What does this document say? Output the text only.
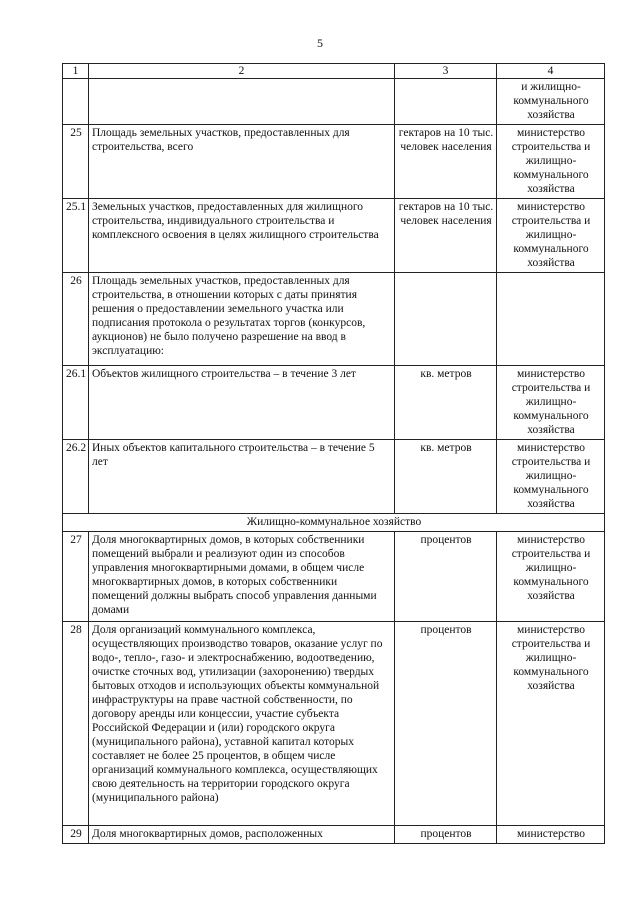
5
1	2	3	4
			и жилищно-коммунального хозяйства
25	Площадь земельных участков, предоставленных для строительства, всего	гектаров на 10 тыс. человек населения	министерство строительства и жилищно-коммунального хозяйства
25.1	Земельных участков, предоставленных для жилищного строительства, индивидуального строительства и комплексного освоения в целях жилищного строительства	гектаров на 10 тыс. человек населения	министерство строительства и жилищно-коммунального хозяйства
26	Площадь земельных участков, предоставленных для строительства, в отношении которых с даты принятия решения о предоставлении земельного участка или подписания протокола о результатах торгов (конкурсов, аукционов) не было получено разрешение на ввод в эксплуатацию:		
26.1	Объектов жилищного строительства – в течение 3 лет	кв. метров	министерство строительства и жилищно-коммунального хозяйства
26.2	Иных объектов капитального строительства – в течение 5 лет	кв. метров	министерство строительства и жилищно-коммунального хозяйства
Жилищно-коммунальное хозяйство			
27	Доля многоквартирных домов, в которых собственники помещений выбрали и реализуют один из способов управления многоквартирными домами, в общем числе многоквартирных домов, в которых собственники помещений должны выбрать способ управления данными домами	процентов	министерство строительства и жилищно-коммунального хозяйства
28	Доля организаций коммунального комплекса, осуществляющих производство товаров, оказание услуг по водо-, тепло-, газо- и электроснабжению, водоотведению, очистке сточных вод, утилизации (захоронению) твердых бытовых отходов и использующих объекты коммунальной инфраструктуры на праве частной собственности, по договору аренды или концессии, участие субъекта Российской Федерации и (или) городского округа (муниципального района), уставной капитал которых составляет не более 25 процентов, в общем числе организаций коммунального комплекса, осуществляющих свою деятельность на территории городского округа (муниципального района)	процентов	министерство строительства и жилищно-коммунального хозяйства
29	Доля многоквартирных домов, расположенных	процентов	министерство
